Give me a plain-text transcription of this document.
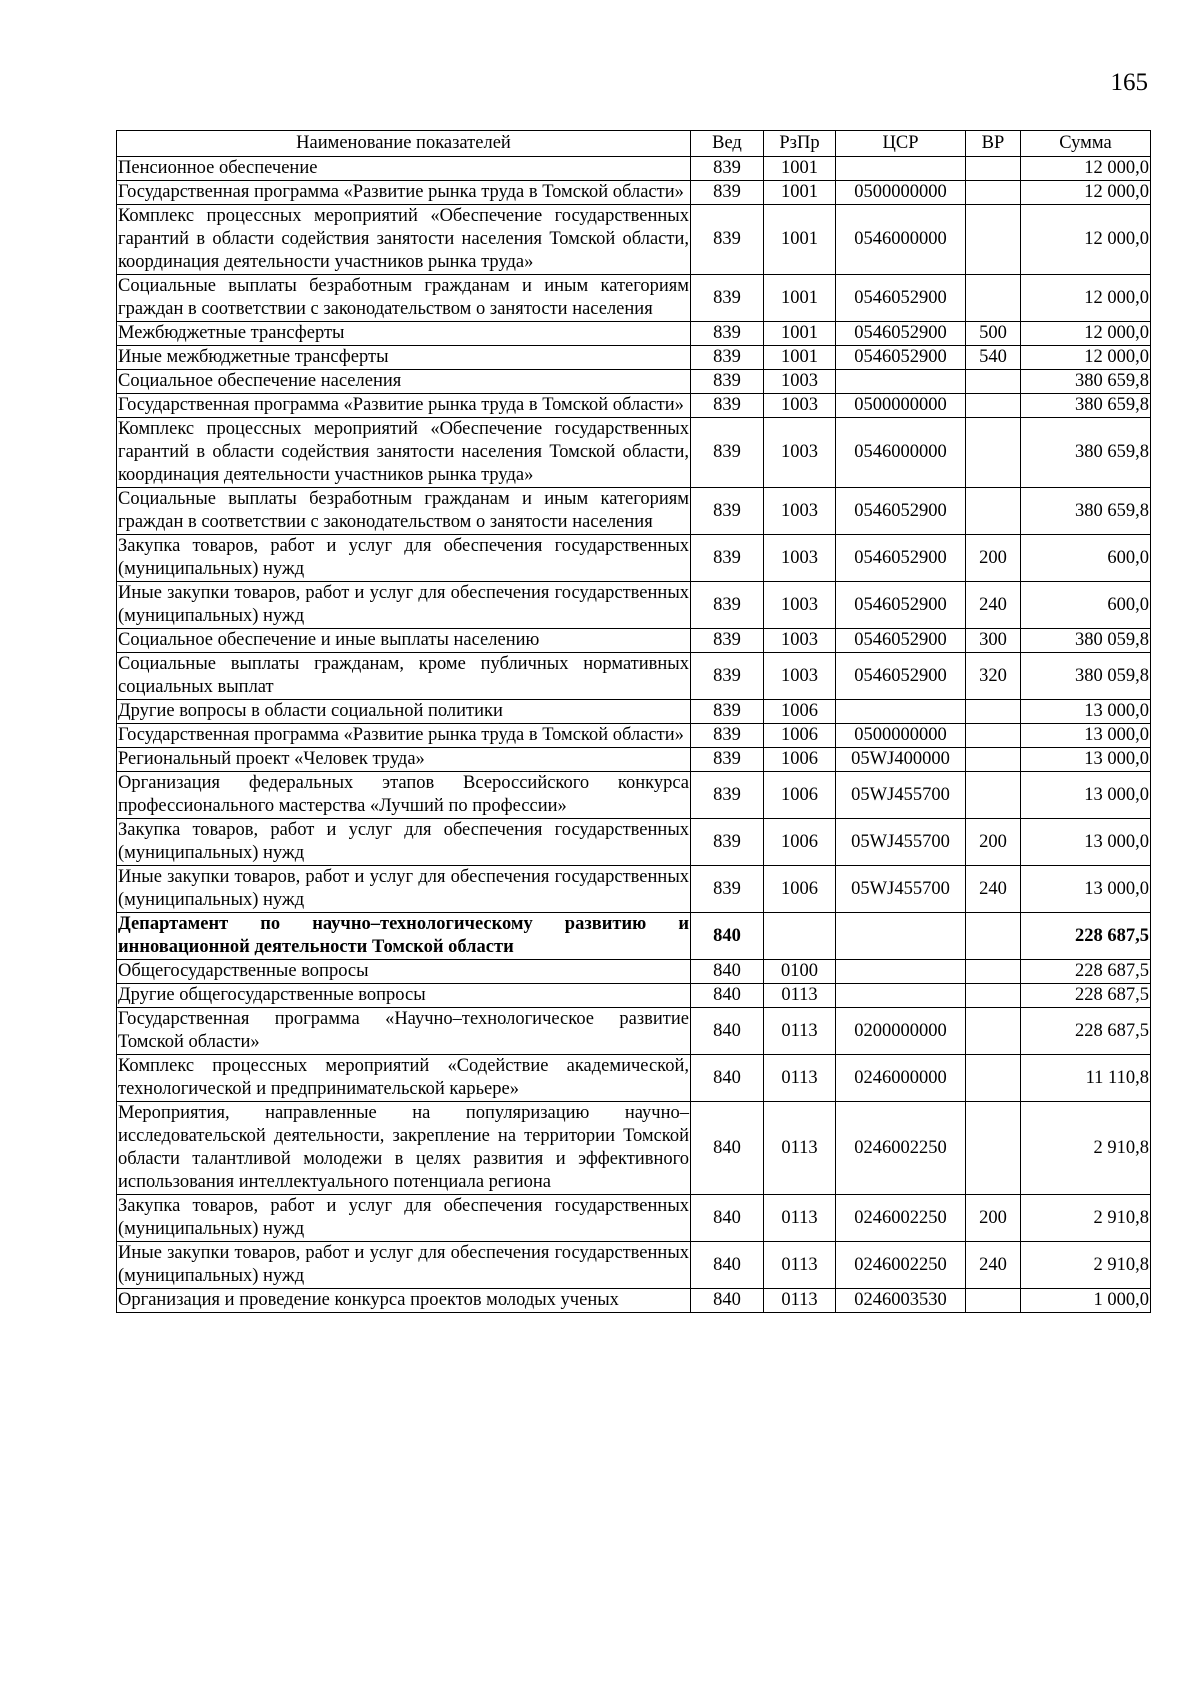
165
Наименование показателей	Вед	РзПр	ЦСР	ВР	Сумма
Пенсионное обеспечение	839	1001			12 000,0
Государственная программа «Развитие рынка труда в Томской области»	839	1001	0500000000		12 000,0
Комплекс процессных мероприятий «Обеспечение государственных гарантий в области содействия занятости населения Томской области, координация деятельности участников рынка труда»	839	1001	0546000000		12 000,0
Социальные выплаты безработным гражданам и иным категориям граждан в соответствии с законодательством о занятости населения	839	1001	0546052900		12 000,0
Межбюджетные трансферты	839	1001	0546052900	500	12 000,0
Иные межбюджетные трансферты	839	1001	0546052900	540	12 000,0
Социальное обеспечение населения	839	1003			380 659,8
Государственная программа «Развитие рынка труда в Томской области»	839	1003	0500000000		380 659,8
Комплекс процессных мероприятий «Обеспечение государственных гарантий в области содействия занятости населения Томской области, координация деятельности участников рынка труда»	839	1003	0546000000		380 659,8
Социальные выплаты безработным гражданам и иным категориям граждан в соответствии с законодательством о занятости населения	839	1003	0546052900		380 659,8
Закупка товаров, работ и услуг для обеспечения государственных (муниципальных) нужд	839	1003	0546052900	200	600,0
Иные закупки товаров, работ и услуг для обеспечения государственных (муниципальных) нужд	839	1003	0546052900	240	600,0
Социальное обеспечение и иные выплаты населению	839	1003	0546052900	300	380 059,8
Социальные выплаты гражданам, кроме публичных нормативных социальных выплат	839	1003	0546052900	320	380 059,8
Другие вопросы в области социальной политики	839	1006			13 000,0
Государственная программа «Развитие рынка труда в Томской области»	839	1006	0500000000		13 000,0
Региональный проект «Человек труда»	839	1006	05WJ400000		13 000,0
Организация федеральных этапов Всероссийского конкурса профессионального мастерства «Лучший по профессии»	839	1006	05WJ455700		13 000,0
Закупка товаров, работ и услуг для обеспечения государственных (муниципальных) нужд	839	1006	05WJ455700	200	13 000,0
Иные закупки товаров, работ и услуг для обеспечения государственных (муниципальных) нужд	839	1006	05WJ455700	240	13 000,0
Департамент по научно–технологическому развитию и инновационной деятельности Томской области	840				228 687,5
Общегосударственные вопросы	840	0100			228 687,5
Другие общегосударственные вопросы	840	0113			228 687,5
Государственная программа «Научно–технологическое развитие Томской области»	840	0113	0200000000		228 687,5
Комплекс процессных мероприятий «Содействие академической, технологической и предпринимательской карьере»	840	0113	0246000000		11 110,8
Мероприятия, направленные на популяризацию научно–исследовательской деятельности, закрепление на территории Томской области талантливой молодежи в целях развития и эффективного использования интеллектуального потенциала региона	840	0113	0246002250		2 910,8
Закупка товаров, работ и услуг для обеспечения государственных (муниципальных) нужд	840	0113	0246002250	200	2 910,8
Иные закупки товаров, работ и услуг для обеспечения государственных (муниципальных) нужд	840	0113	0246002250	240	2 910,8
Организация и проведение конкурса проектов молодых ученых	840	0113	0246003530		1 000,0
